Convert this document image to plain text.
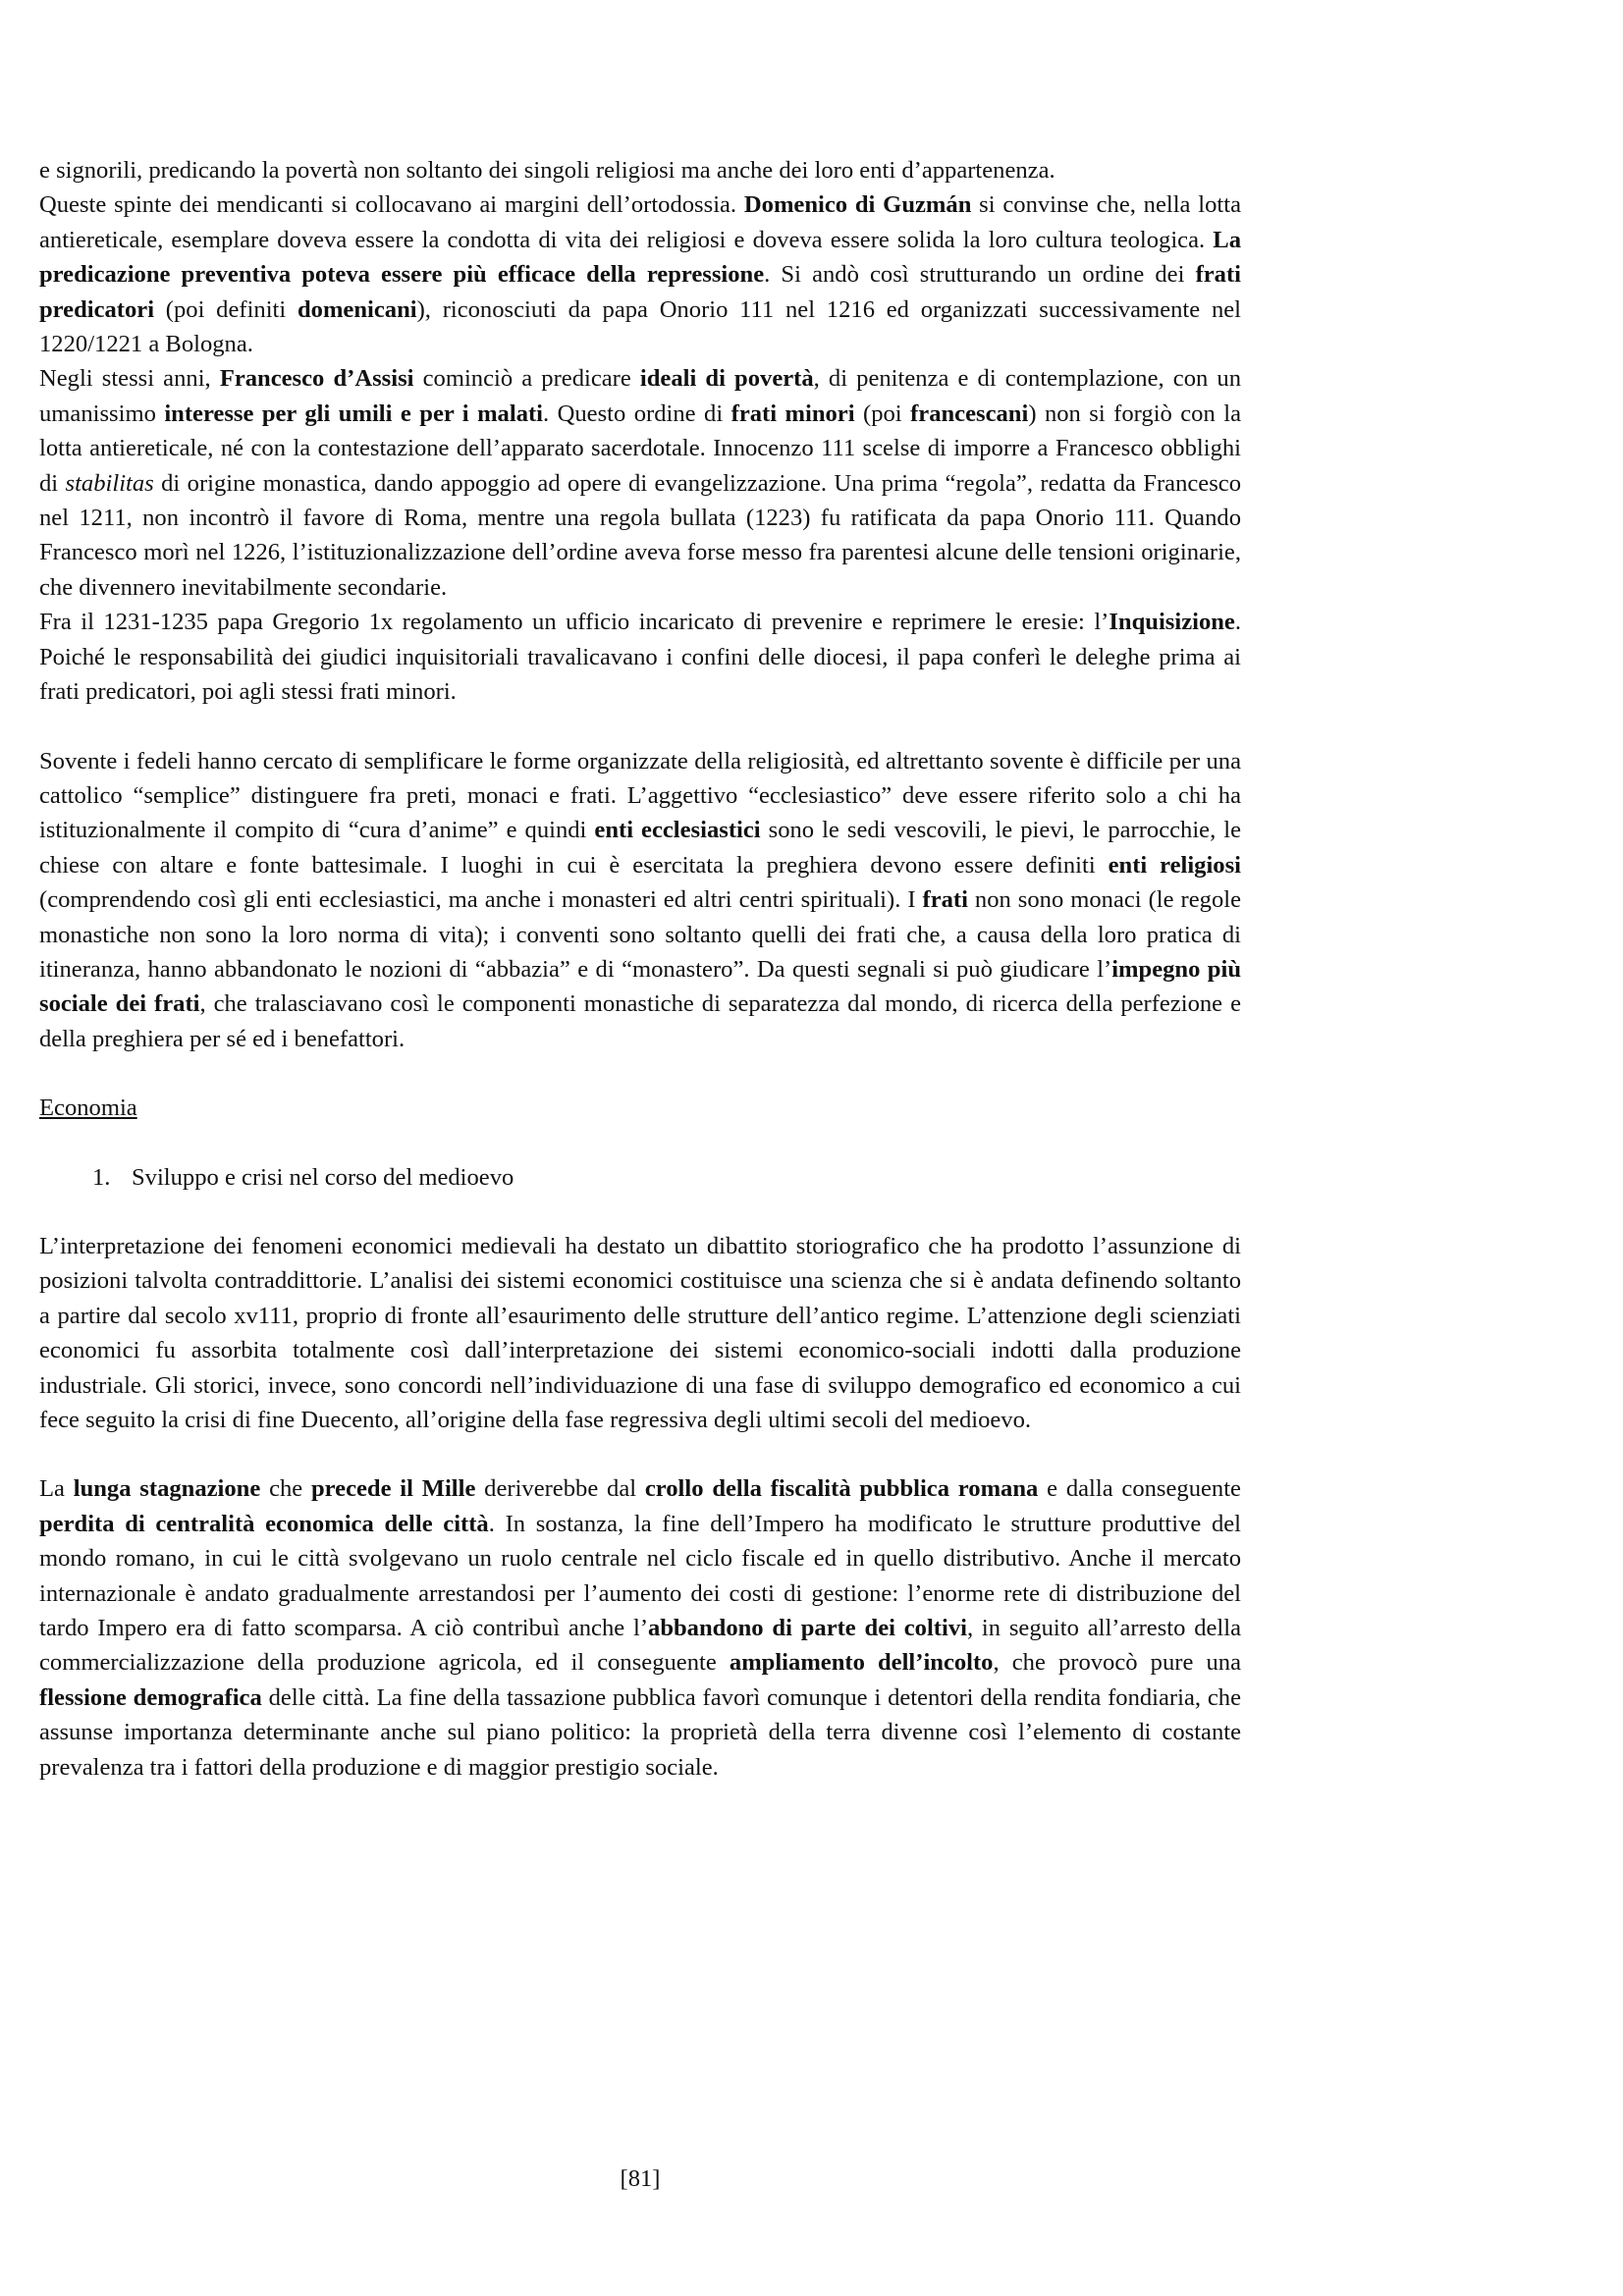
e signorili, predicando la povertà non soltanto dei singoli religiosi ma anche dei loro enti d’appartenenza.

Queste spinte dei mendicanti si collocavano ai margini dell’ortodossia. Domenico di Guzmán si convinse che, nella lotta antiereticale, esemplare doveva essere la condotta di vita dei religiosi e doveva essere solida la loro cultura teologica. La predicazione preventiva poteva essere più efficace della repressione. Si andò così strutturando un ordine dei frati predicatori (poi definiti domenicani), riconosciuti da papa Onorio 111 nel 1216 ed organizzati successivamente nel 1220/1221 a Bologna.

Negli stessi anni, Francesco d’Assisi cominciò a predicare ideali di povertà, di penitenza e di contemplazione, con un umanissimo interesse per gli umili e per i malati. Questo ordine di frati minori (poi francescani) non si forgiò con la lotta antiereticale, né con la contestazione dell’apparato sacerdotale. Innocenzo 111 scelse di imporre a Francesco obblighi di stabilitas di origine monastica, dando appoggio ad opere di evangelizzazione. Una prima “regola”, redatta da Francesco nel 1211, non incontrò il favore di Roma, mentre una regola bullata (1223) fu ratificata da papa Onorio 111. Quando Francesco morì nel 1226, l’istituzionalizzazione dell’ordine aveva forse messo fra parentesi alcune delle tensioni originarie, che divennero inevitabilmente secondarie.

Fra il 1231-1235 papa Gregorio 1x regolamento un ufficio incaricato di prevenire e reprimere le eresie: l’Inquisizione. Poiché le responsabilità dei giudici inquisitoriali travalicavano i confini delle diocesi, il papa conferì le deleghe prima ai frati predicatori, poi agli stessi frati minori.

Sovente i fedeli hanno cercato di semplificare le forme organizzate della religiosità, ed altrettanto sovente è difficile per una cattolico “semplice” distinguere fra preti, monaci e frati. L’aggettivo “ecclesiastico” deve essere riferito solo a chi ha istituzionalmente il compito di “cura d’anime” e quindi enti ecclesiastici sono le sedi vescovili, le pievi, le parrocchie, le chiese con altare e fonte battesimale. I luoghi in cui è esercitata la preghiera devono essere definiti enti religiosi (comprendendo così gli enti ecclesiastici, ma anche i monasteri ed altri centri spirituali). I frati non sono monaci (le regole monastiche non sono la loro norma di vita); i conventi sono soltanto quelli dei frati che, a causa della loro pratica di itineranza, hanno abbandonato le nozioni di “abbazia” e di “monastero”. Da questi segnali si può giudicare l’impegno più sociale dei frati, che tralasciavano così le componenti monastiche di separatezza dal mondo, di ricerca della perfezione e della preghiera per sé ed i benefattori.

Economia

1. Sviluppo e crisi nel corso del medioevo

L’interpretazione dei fenomeni economici medievali ha destato un dibattito storiografico che ha prodotto l’assunzione di posizioni talvolta contraddittorie. L’analisi dei sistemi economici costituisce una scienza che si è andata definendo soltanto a partire dal secolo xv111, proprio di fronte all’esaurimento delle strutture dell’antico regime. L’attenzione degli scienziati economici fu assorbita totalmente così dall’interpretazione dei sistemi economico-sociali indotti dalla produzione industriale. Gli storici, invece, sono concordi nell’individuazione di una fase di sviluppo demografico ed economico a cui fece seguito la crisi di fine Duecento, all’origine della fase regressiva degli ultimi secoli del medioevo.

La lunga stagnazione che precede il Mille deriverebbe dal crollo della fiscalità pubblica romana e dalla conseguente perdita di centralità economica delle città. In sostanza, la fine dell’Impero ha modificato le strutture produttive del mondo romano, in cui le città svolgevano un ruolo centrale nel ciclo fiscale ed in quello distributivo. Anche il mercato internazionale è andato gradualmente arrestandosi per l’aumento dei costi di gestione: l’enorme rete di distribuzione del tardo Impero era di fatto scomparsa. A ciò contribuì anche l’abbandono di parte dei coltivi, in seguito all’arresto della commercializzazione della produzione agricola, ed il conseguente ampliamento dell’incolto, che provocò pure una flessione demografica delle città. La fine della tassazione pubblica favorì comunque i detentori della rendita fondiaria, che assunse importanza determinante anche sul piano politico: la proprietà della terra divenne così l’elemento di costante prevalenza tra i fattori della produzione e di maggior prestigio sociale.

[81]
